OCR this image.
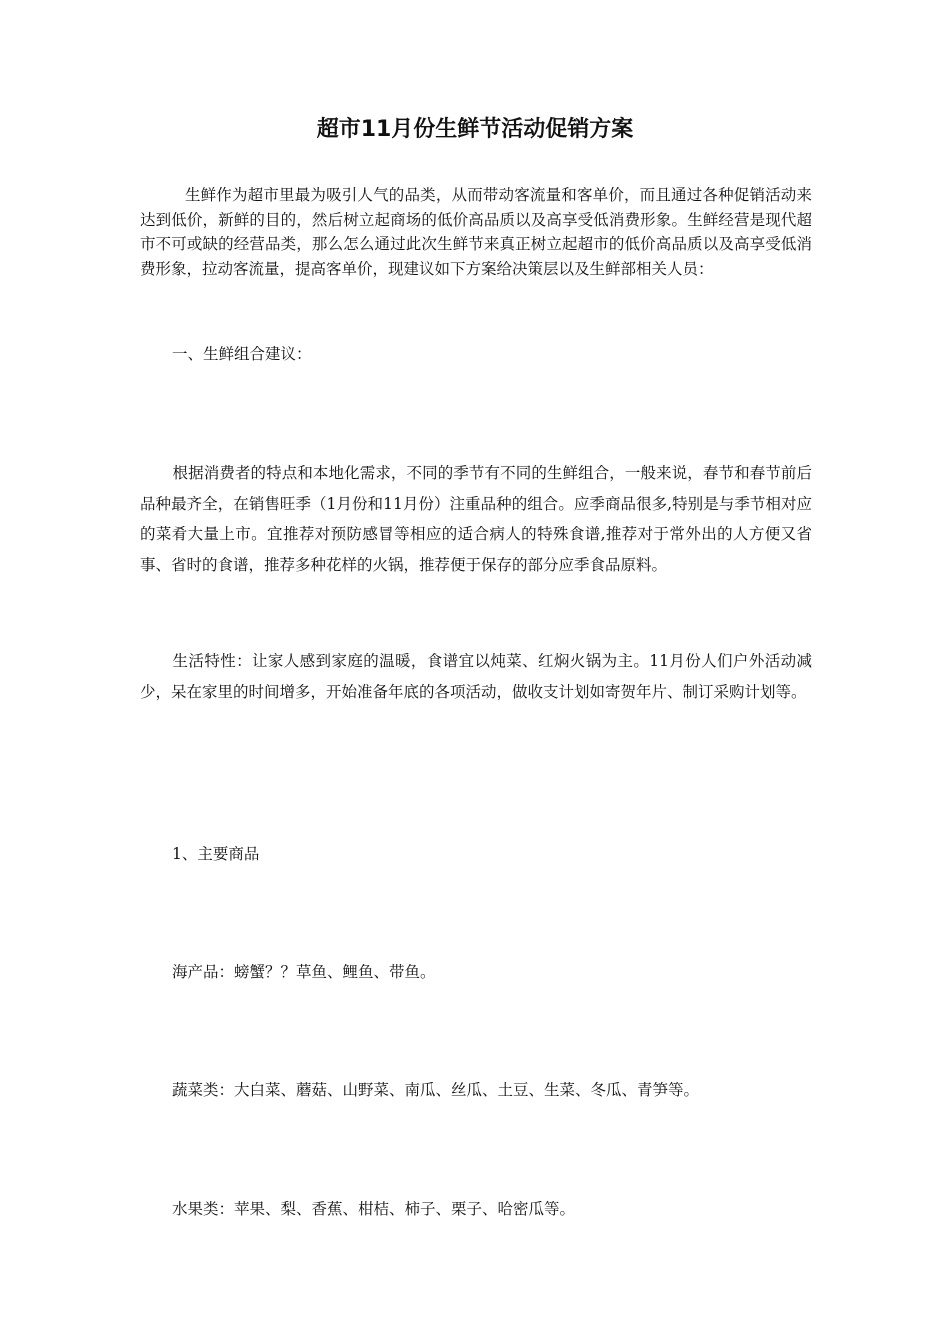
超市11月份生鲜节活动促销方案

生鲜作为超市里最为吸引人气的品类，从而带动客流量和客单价，而且通过各种促销活动来达到低价，新鲜的目的，然后树立起商场的低价高品质以及高享受低消费形象。生鲜经营是现代超市不可或缺的经营品类，那么怎么通过此次生鲜节来真正树立起超市的低价高品质以及高享受低消费形象，拉动客流量，提高客单价，现建议如下方案给决策层以及生鲜部相关人员：

一、生鲜组合建议：

根据消费者的特点和本地化需求，不同的季节有不同的生鲜组合，一般来说，春节和春节前后品种最齐全，在销售旺季（1月份和11月份）注重品种的组合。应季商品很多,特别是与季节相对应的菜肴大量上市。宜推荐对预防感冒等相应的适合病人的特殊食谱,推荐对于常外出的人方便又省事、省时的食谱，推荐多种花样的火锅，推荐便于保存的部分应季食品原料。

生活特性：让家人感到家庭的温暖，食谱宜以炖菜、红焖火锅为主。11月份人们户外活动减少，呆在家里的时间增多，开始准备年底的各项活动，做收支计划如寄贺年片、制订采购计划等。

1、主要商品

海产品：螃蟹？？草鱼、鲤鱼、带鱼。

蔬菜类：大白菜、蘑菇、山野菜、南瓜、丝瓜、土豆、生菜、冬瓜、青笋等。

水果类：苹果、梨、香蕉、柑桔、柿子、栗子、哈密瓜等。
